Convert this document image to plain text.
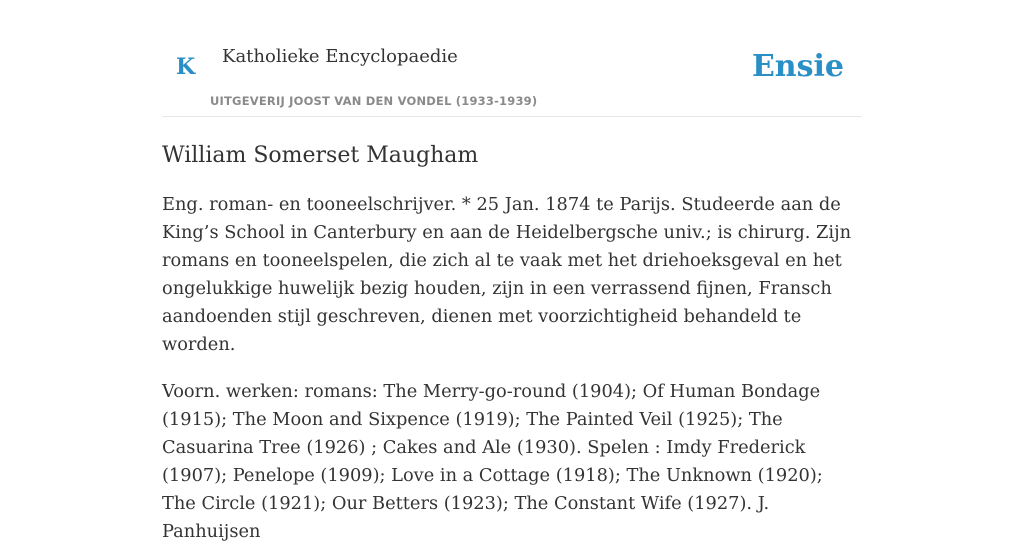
K Katholieke Encyclopaedie
UITGEVERIJ JOOST VAN DEN VONDEL (1933-1939)
Ensie
William Somerset Maugham

Eng. roman- en tooneelschrijver. * 25 Jan. 1874 te Parijs. Studeerde aan de King’s School in Canterbury en aan de Heidelbergsche univ.; is chirurg. Zijn romans en tooneelspelen, die zich al te vaak met het driehoeksgeval en het ongelukkige huwelijk bezig houden, zijn in een verrassend fijnen, Fransch aandoenden stijl geschreven, dienen met voorzichtigheid behandeld te worden.

Voorn. werken: romans: The Merry-go-round (1904); Of Human Bondage (1915); The Moon and Sixpence (1919); The Painted Veil (1925); The Casuarina Tree (1926) ; Cakes and Ale (1930). Spelen : Imdy Frederick (1907); Penelope (1909); Love in a Cottage (1918); The Unknown (1920); The Circle (1921); Our Betters (1923); The Constant Wife (1927). J. Panhuijsen
